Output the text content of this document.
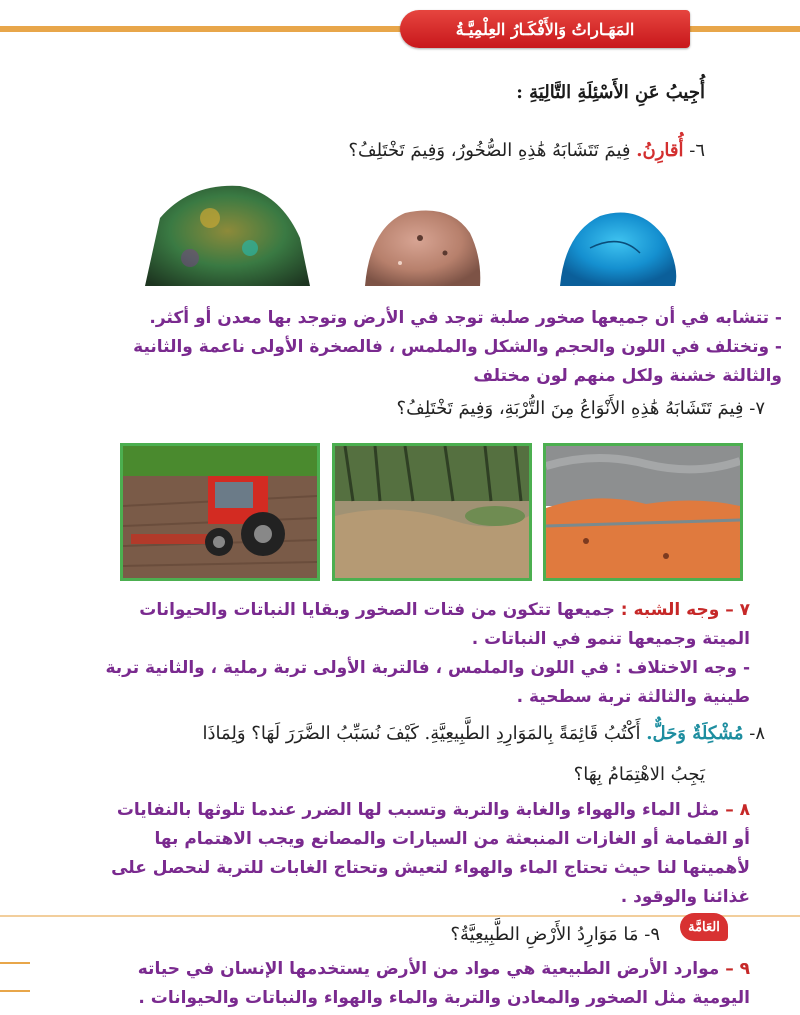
المَهَـاراتُ وَالأَفْكَـارُ العِلْمِيَّـةُ
أُجِيبُ عَنِ الأَسْئِلَةِ التَّالِيَةِ :
٦- أُقارِنُ. فِيمَ تَتَشَابَهُ هَٰذِهِ الصُّخُورُ، وَفِيمَ تَخْتَلِفُ؟

- تتشابه في أن جميعها صخور صلبة توجد في الأرض وتوجد بها معدن أو أكثر.

- وتختلف في اللون والحجم والشكل والملمس ، فالصخرة الأولى ناعمة والثانية

والثالثة خشنة ولكل منهم لون مختلف

٧- فِيمَ تَتَشَابَهُ هَٰذِهِ الأَنْوَاعُ مِنَ التُّرْبَةِ، وَفِيمَ تَخْتَلِفُ؟

٧ – وجه الشبه : جميعها تتكون من فتات الصخور وبقايا النباتات والحيوانات

الميتة وجميعها تنمو في النباتات .

- وجه الاختلاف : في اللون والملمس ، فالتربة الأولى تربة رملية ، والثانية تربة

طينية والثالثة تربة سطحية .

٨- مُشْكِلَةٌ وَحَلٌّ. أَكْتُبُ قَائِمَةً بِالمَوَارِدِ الطَّبِيعِيَّةِ. كَيْفَ نُسَبِّبُ الضَّرَرَ لَهَا؟ وَلِمَاذَا
يَجِبُ الاهْتِمَامُ بِهَا؟

٨ – مثل الماء والهواء والغابة والتربة وتسبب لها الضرر عندما تلوثها بالنفايات

أو القمامة أو الغازات المنبعثة من السيارات والمصانع ويجب الاهتمام بها

لأهميتها لنا حيث تحتاج الماء والهواء لتعيش وتحتاج الغابات للتربة لنحصل على

غذائنا والوقود .

العَامَّة
٩- مَا مَوَارِدُ الأَرْضِ الطَّبِيعِيَّةُ؟

٩ – موارد الأرض الطبيعية هي مواد من الأرض يستخدمها الإنسان في حياته

اليومية مثل الصخور والمعادن والتربة والماء والهواء والنباتات والحيوانات .
